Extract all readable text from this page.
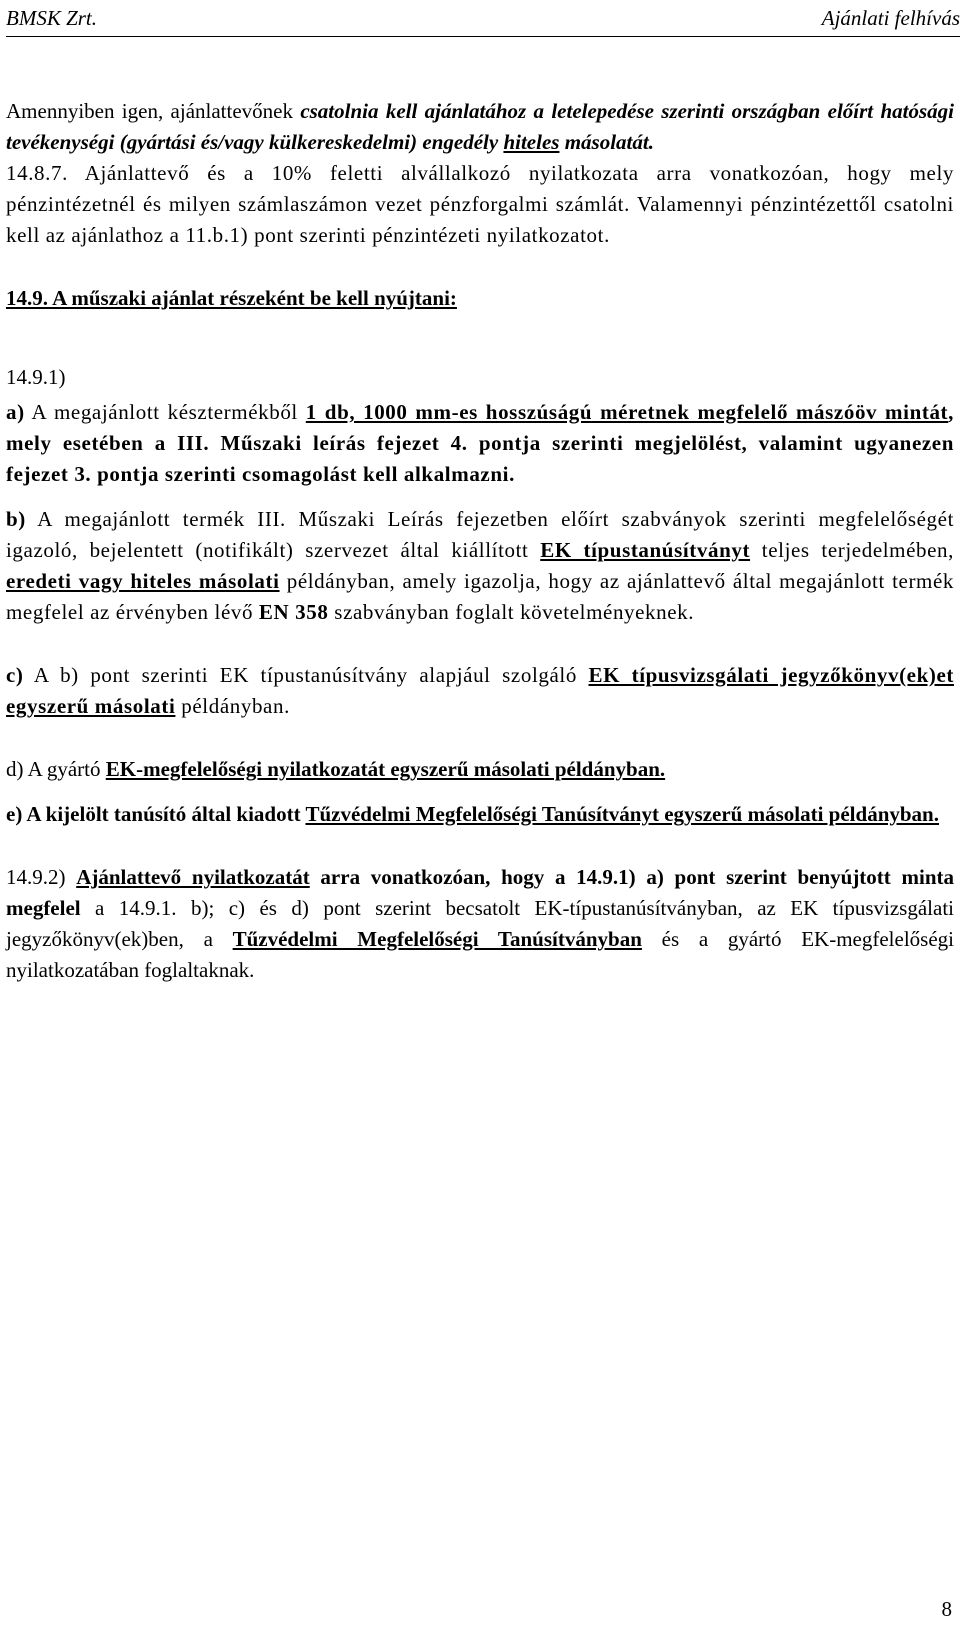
BMSK Zrt.	Ajánlati felhívás

Amennyiben igen, ajánlattevőnek csatolnia kell ajánlatához a letelepedése szerinti országban előírt hatósági tevékenységi (gyártási és/vagy külkereskedelmi) engedély hiteles másolatát.

14.8.7. Ajánlattevő és a 10% feletti alvállalkozó nyilatkozata arra vonatkozóan, hogy mely pénzintézetnél és milyen számlaszámon vezet pénzforgalmi számlát. Valamennyi pénzintézettől csatolni kell az ajánlathoz a 11.b.1) pont szerinti pénzintézeti nyilatkozatot.

14.9. A műszaki ajánlat részeként be kell nyújtani:

14.9.1)

a) A megajánlott késztermékből 1 db, 1000 mm-es hosszúságú méretnek megfelelő mászóöv mintát, mely esetében a III. Műszaki leírás fejezet 4. pontja szerinti megjelölést, valamint ugyanezen fejezet 3. pontja szerinti csomagolást kell alkalmazni.

b) A megajánlott termék III. Műszaki Leírás fejezetben előírt szabványok szerinti megfelelőségét igazoló, bejelentett (notifikált) szervezet által kiállított EK típustanúsítványt teljes terjedelmében, eredeti vagy hiteles másolati példányban, amely igazolja, hogy az ajánlattevő által megajánlott termék megfelel az érvényben lévő EN 358 szabványban foglalt követelményeknek.

c) A b) pont szerinti EK típustanúsítvány alapjául szolgáló EK típusvizsgálati jegyzőkönyv(ek)et egyszerű másolati példányban.

d) A gyártó EK-megfelelőségi nyilatkozatát egyszerű másolati példányban.

e) A kijelölt tanúsító által kiadott Tűzvédelmi Megfelelőségi Tanúsítványt egyszerű másolati példányban.

14.9.2) Ajánlattevő nyilatkozatát arra vonatkozóan, hogy a 14.9.1) a) pont szerint benyújtott minta megfelel a 14.9.1. b); c) és d) pont szerint becsatolt EK-típustanúsítványban, az EK típusvizsgálati jegyzőkönyv(ek)ben, a Tűzvédelmi Megfelelőségi Tanúsítványban és a gyártó EK-megfelelőségi nyilatkozatában foglaltaknak.

8
